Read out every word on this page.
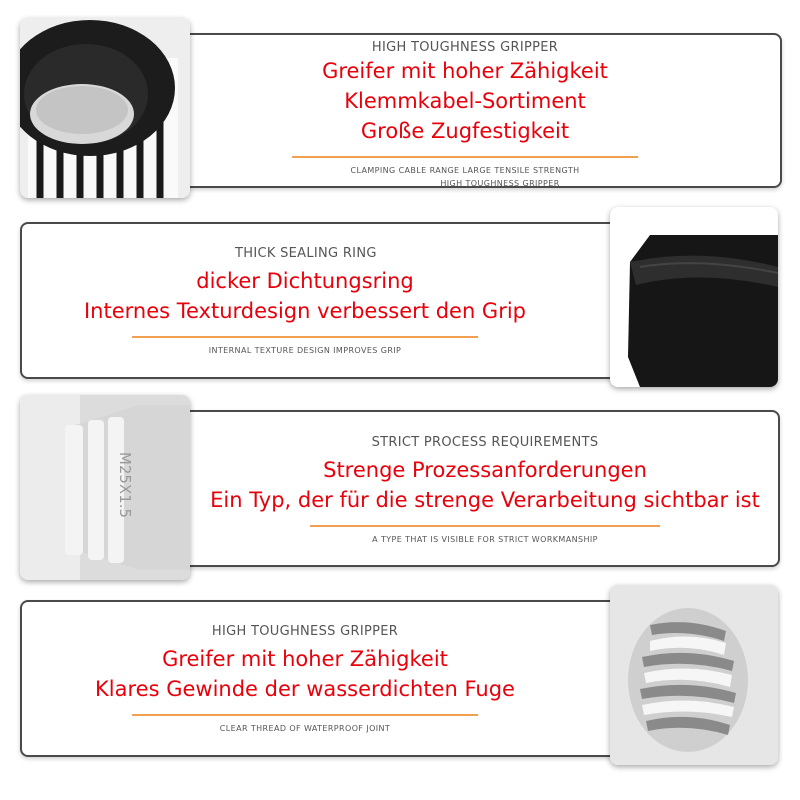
HIGH TOUGHNESS GRIPPER
Greifer mit hoher Zähigkeit
Klemmkabel-Sortiment
Große Zugfestigkeit
CLAMPING CABLE RANGE LARGE TENSILE STRENGTH
HIGH TOUGHNESS GRIPPER
THICK SEALING RING
dicker Dichtungsring
Internes Texturdesign verbessert den Grip
INTERNAL TEXTURE DESIGN IMPROVES GRIP
M25X1.5
STRICT PROCESS REQUIREMENTS
Strenge Prozessanforderungen
Ein Typ, der für die strenge Verarbeitung sichtbar ist
A TYPE THAT IS VISIBLE FOR STRICT WORKMANSHIP
HIGH TOUGHNESS GRIPPER
Greifer mit hoher Zähigkeit
Klares Gewinde der wasserdichten Fuge
CLEAR THREAD OF WATERPROOF JOINT
